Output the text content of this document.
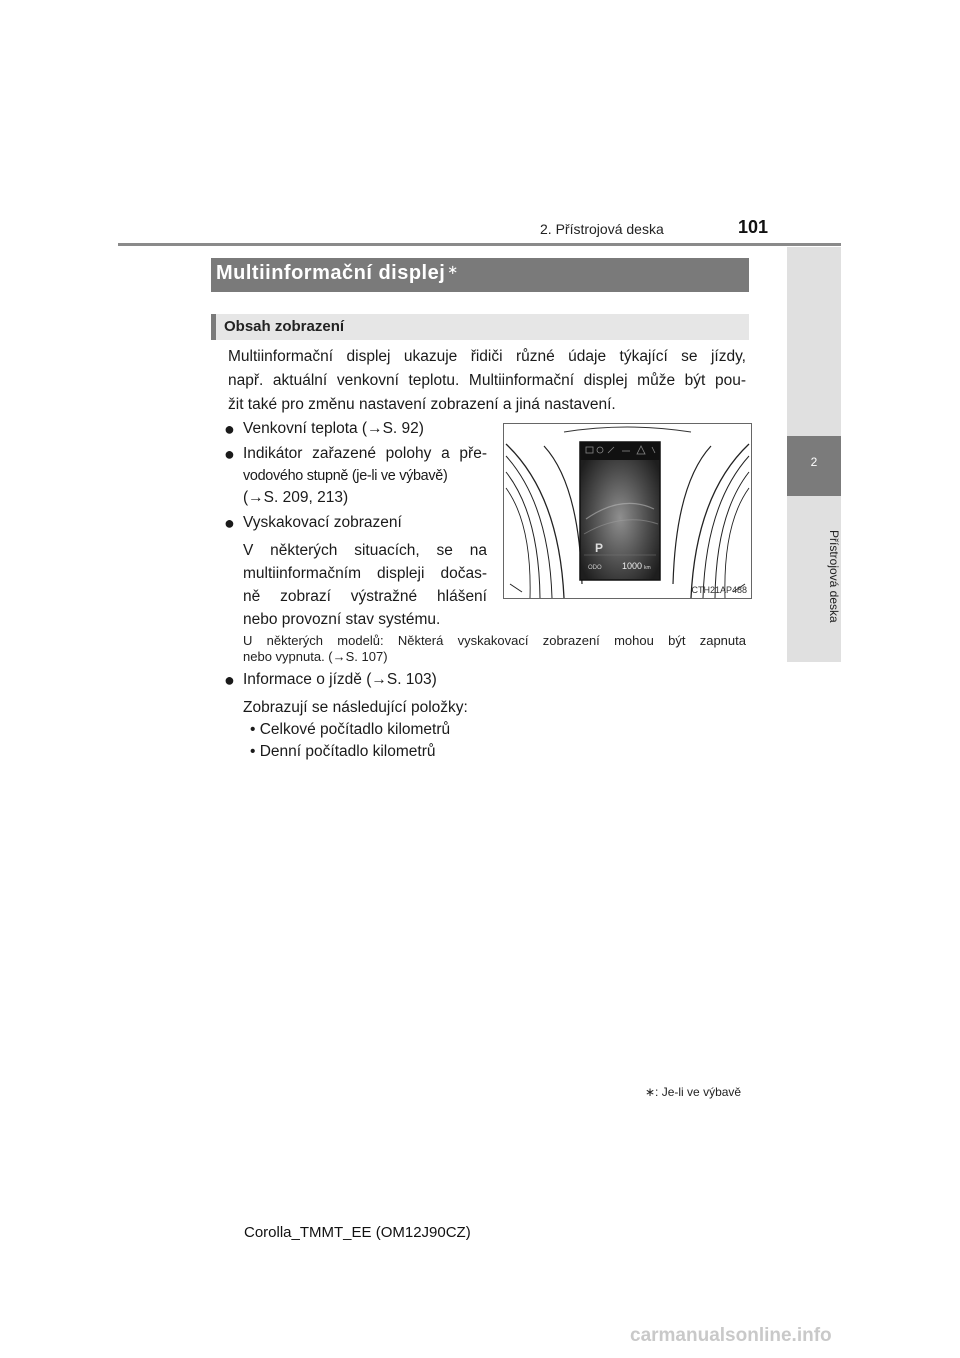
2. Přístrojová deska	101
2
Přístrojová deska
Multiinformační displej ∗
Obsah zobrazení
Multiinformační displej ukazuje řidiči různé údaje týkající se jízdy,
např. aktuální venkovní teplotu. Multiinformační displej může být pou-
žit také pro změnu nastavení zobrazení a jiná nastavení.
● Venkovní teplota (→S. 92)
● Indikátor zařazené polohy a pře-
vodového stupně (je-li ve výbavě)
(→S. 209, 213)
● Vyskakovací zobrazení
V některých situacích, se na
multiinformačním displeji dočas-
ně zobrazí výstražné hlášení
nebo provozní stav systému.
U některých modelů: Některá vyskakovací zobrazení mohou být zapnuta
nebo vypnuta. (→S. 107)
● Informace o jízdě (→S. 103)
Zobrazují se následující položky:
• Celkové počítadlo kilometrů
• Denní počítadlo kilometrů
P
ODO 1000 km
CTH21AP488
∗: Je-li ve výbavě
Corolla_TMMT_EE (OM12J90CZ)
carmanualsonline.info
